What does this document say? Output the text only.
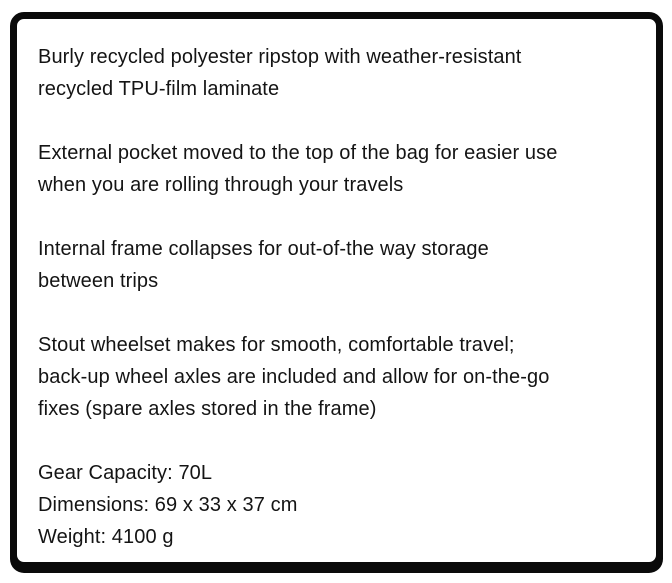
Burly recycled polyester ripstop with weather-resistant
recycled TPU-film laminate

External pocket moved to the top of the bag for easier use
when you are rolling through your travels

Internal frame collapses for out-of-the way storage
between trips

Stout wheelset makes for smooth, comfortable travel;
back-up wheel axles are included and allow for on-the-go
fixes (spare axles stored in the frame)

Gear Capacity: 70L
Dimensions: 69 x 33 x 37 cm
Weight: 4100 g
